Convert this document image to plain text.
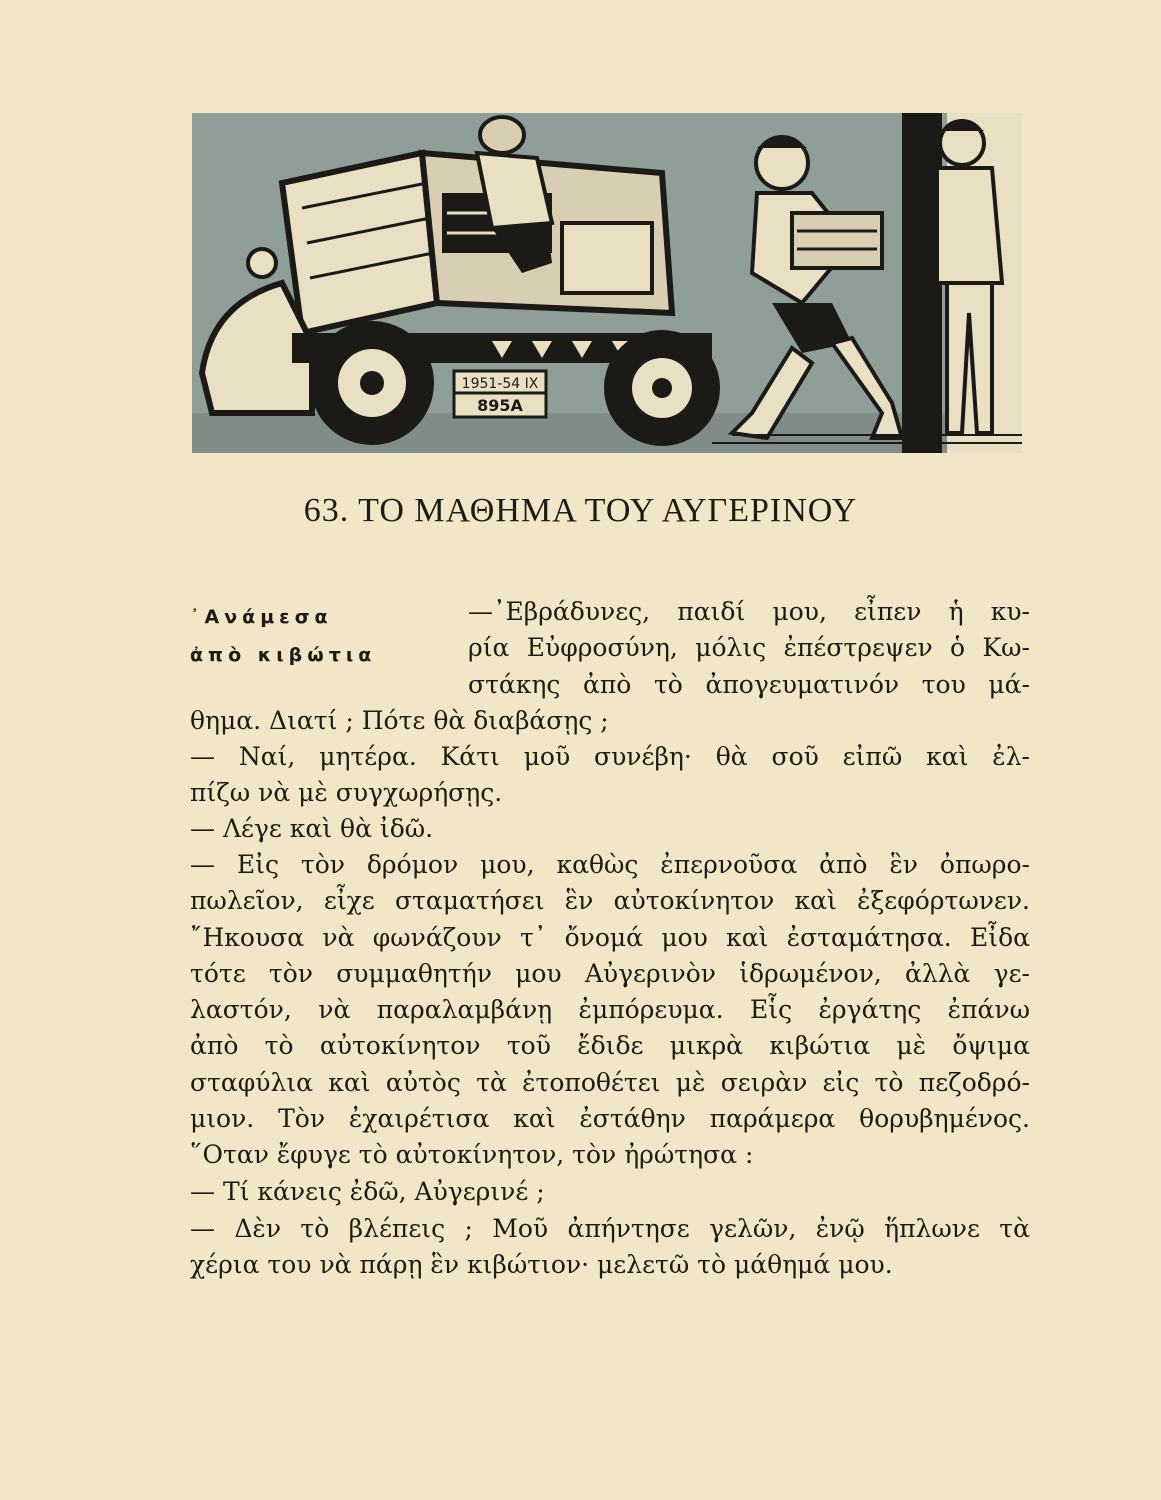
1951-54 IX
895A
63. ΤΟ ΜΑΘΗΜΑ ΤΟΥ ΑΥΓΕΡΙΝΟΥ
᾿Ανάμεσα
ἀπὸ κιβώτια
—᾿Εβράδυνες, παιδί μου, εἶπεν ἡ κυ-
ρία Εὐφροσύνη, μόλις ἐπέστρεψεν ὁ Κω-
στάκης ἀπὸ τὸ ἀπογευματινόν του μά-
θημα. Διατί ; Πότε θὰ διαβάσῃς ;
— Ναί, μητέρα. Κάτι μοῦ συνέβη· θὰ σοῦ εἰπῶ καὶ ἐλ-
πίζω νὰ μὲ συγχωρήσῃς.
— Λέγε καὶ θὰ ἰδῶ.
— Εἰς τὸν δρόμον μου, καθὼς ἐπερνοῦσα ἀπὸ ἓν ὀπωρο-
πωλεῖον, εἶχε σταματήσει ἓν αὐτοκίνητον καὶ ἐξεφόρτωνεν.
῎Ηκουσα νὰ φωνάζουν τ᾿ ὄνομά μου καὶ ἐσταμάτησα. Εἶδα
τότε τὸν συμμαθητήν μου Αὐγερινὸν ἱδρωμένον, ἀλλὰ γε-
λαστόν, νὰ παραλαμβάνῃ ἐμπόρευμα. Εἷς ἐργάτης ἐπάνω
ἀπὸ τὸ αὐτοκίνητον τοῦ ἔδιδε μικρὰ κιβώτια μὲ ὄψιμα
σταφύλια καὶ αὐτὸς τὰ ἐτοποθέτει μὲ σειρὰν εἰς τὸ πεζοδρό-
μιον. Τὸν ἐχαιρέτισα καὶ ἐστάθην παράμερα θορυβημένος.
῞Οταν ἔφυγε τὸ αὐτοκίνητον, τὸν ἠρώτησα :
— Τί κάνεις ἐδῶ, Αὐγερινέ ;
— Δὲν τὸ βλέπεις ; Μοῦ ἀπήντησε γελῶν, ἐνῷ ἥπλωνε τὰ
χέρια του νὰ πάρῃ ἓν κιβώτιον· μελετῶ τὸ μάθημά μου.
